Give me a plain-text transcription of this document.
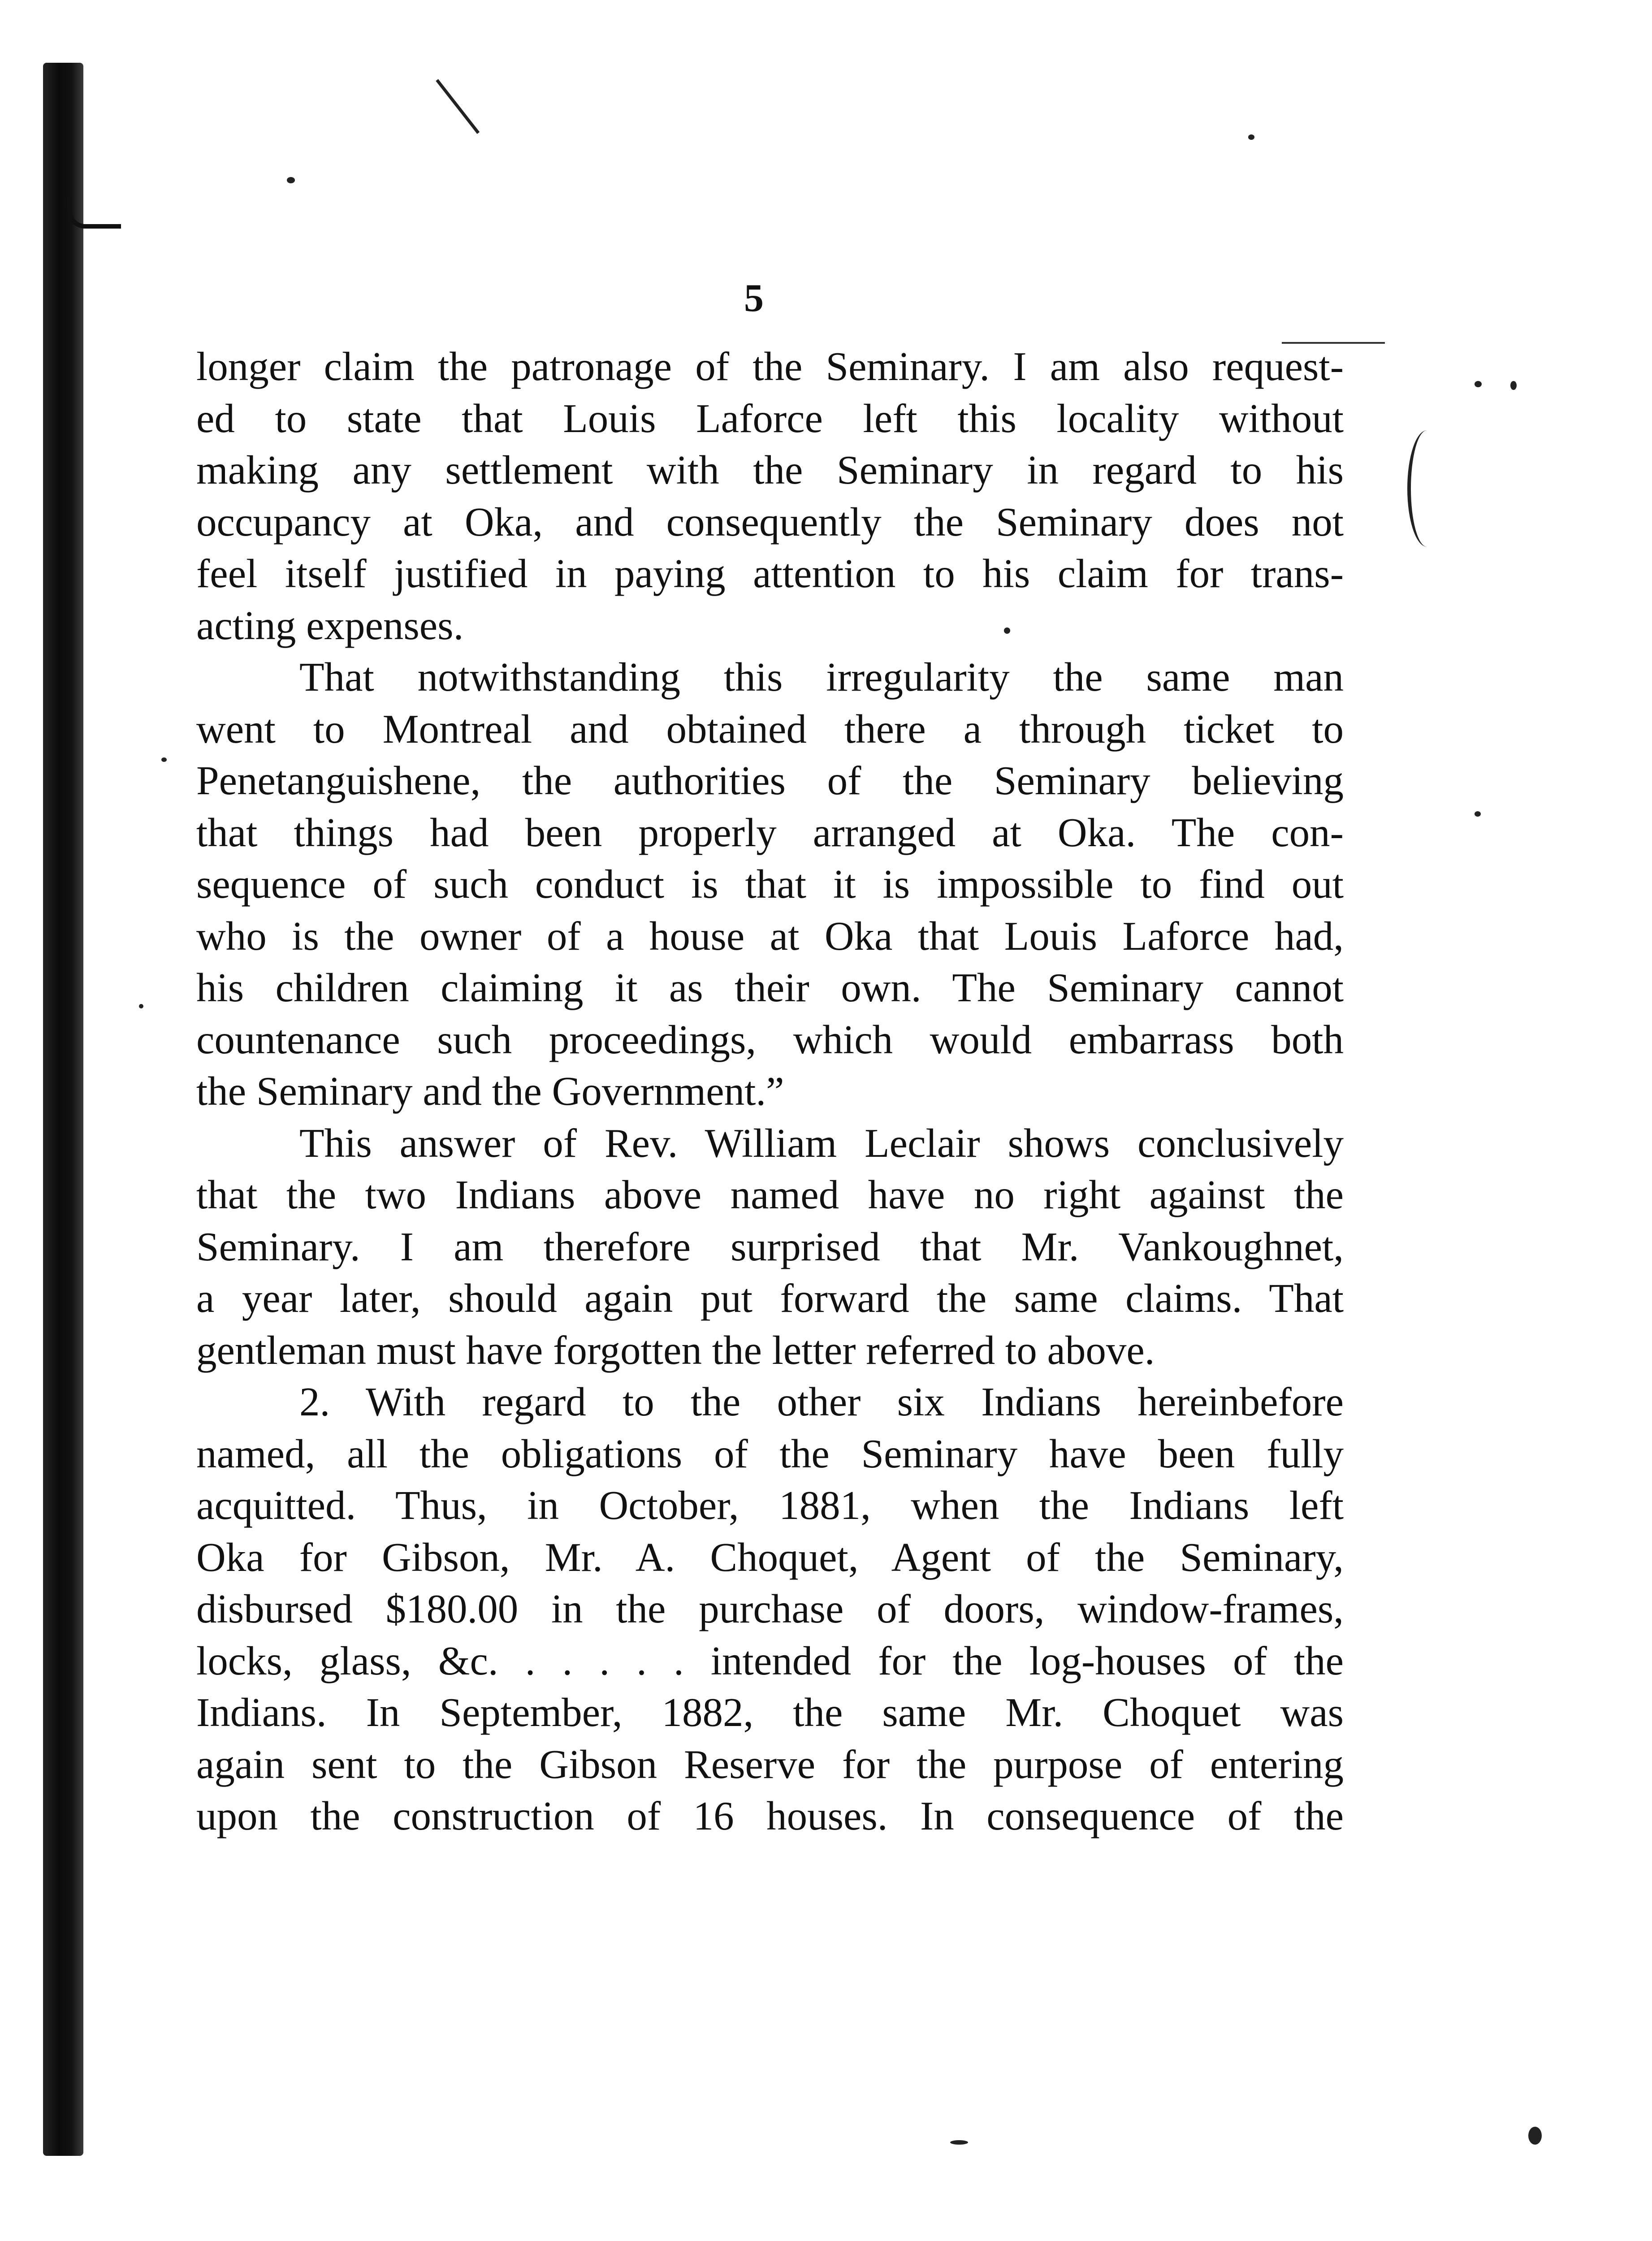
5
longer claim the patronage of the Seminary. I am also request-
ed to state that Louis Laforce left this locality without
making any settlement with the Seminary in regard to his
occupancy at Oka, and consequently the Seminary does not
feel itself justified in paying attention to his claim for trans-
acting expenses.
That notwithstanding this irregularity the same man
went to Montreal and obtained there a through ticket to
Penetanguishene, the authorities of the Seminary believing
that things had been properly arranged at Oka. The con-
sequence of such conduct is that it is impossible to find out
who is the owner of a house at Oka that Louis Laforce had,
his children claiming it as their own. The Seminary cannot
countenance such proceedings, which would embarrass both
the Seminary and the Government.”
This answer of Rev. William Leclair shows conclusively
that the two Indians above named have no right against the
Seminary. I am therefore surprised that Mr. Vankoughnet,
a year later, should again put forward the same claims. That
gentleman must have forgotten the letter referred to above.
2. With regard to the other six Indians hereinbefore
named, all the obligations of the Seminary have been fully
acquitted. Thus, in October, 1881, when the Indians left
Oka for Gibson, Mr. A. Choquet, Agent of the Seminary,
disbursed $180.00 in the purchase of doors, window-frames,
locks, glass, &c. . . . . . intended for the log-houses of the
Indians. In September, 1882, the same Mr. Choquet was
again sent to the Gibson Reserve for the purpose of entering
upon the construction of 16 houses. In consequence of the
